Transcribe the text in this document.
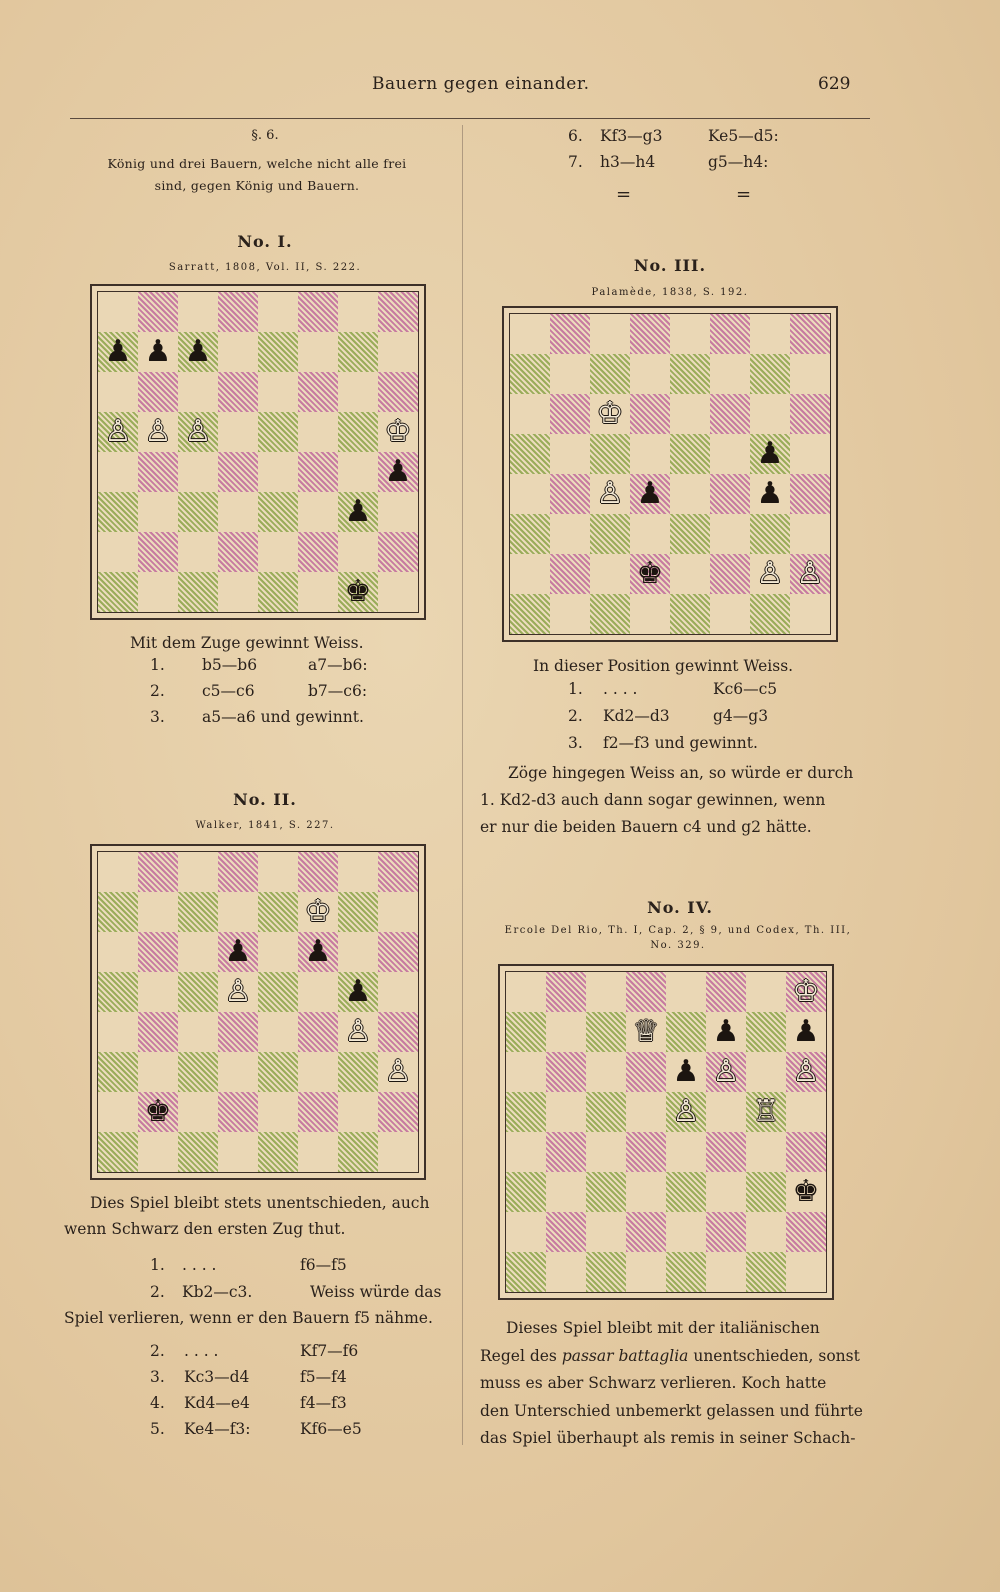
Bauern gegen einander.	629
§. 6.
König und drei Bauern, welche nicht alle frei
sind, gegen König und Bauern.
No. I.
Sarratt, 1808, Vol. II, S. 222.
♟ ♟ ♟
♙ ♙ ♙	♔
♟
♟
♚
Mit dem Zuge gewinnt Weiss.
1. b5—b6	a7—b6:
2. c5—c6	b7—c6:
3. a5—a6 und gewinnt.
No. II.
Walker, 1841, S. 227.
♔
♟ ♟
♙	♟
♙
♙
♚
Dies Spiel bleibt stets unentschieden, auch
wenn Schwarz den ersten Zug thut.
1. . . . .	f6—f5
2. Kb2—c3.	Weiss würde das
Spiel verlieren, wenn er den Bauern f5 nähme.
2. . . . .	Kf7—f6
3. Kc3—d4	f5—f4
4. Kd4—e4	f4—f3
5. Ke4—f3:	Kf6—e5
6. Kf3—g3	Ke5—d5:
7. h3—h4	g5—h4:
=	=
No. III.
Palamède, 1838, S. 192.
♔
♟
♙ ♟	♟
♚	♙ ♙
In dieser Position gewinnt Weiss.
1. . . . .	Kc6—c5
2. Kd2—d3	g4—g3
3. f2—f3 und gewinnt.
Zöge hingegen Weiss an, so würde er durch
1. Kd2-d3 auch dann sogar gewinnen, wenn
er nur die beiden Bauern c4 und g2 hätte.
No. IV.
Ercole Del Rio, Th. I, Cap. 2, § 9, und Codex, Th. III,
No. 329.
♔
♕ ♟ ♟
♟ ♙ ♙
♙ ♖
♚
Dieses Spiel bleibt mit der italiänischen
Regel des passar battaglia unentschieden, sonst
muss es aber Schwarz verlieren. Koch hatte
den Unterschied unbemerkt gelassen und führte
das Spiel überhaupt als remis in seiner Schach-
